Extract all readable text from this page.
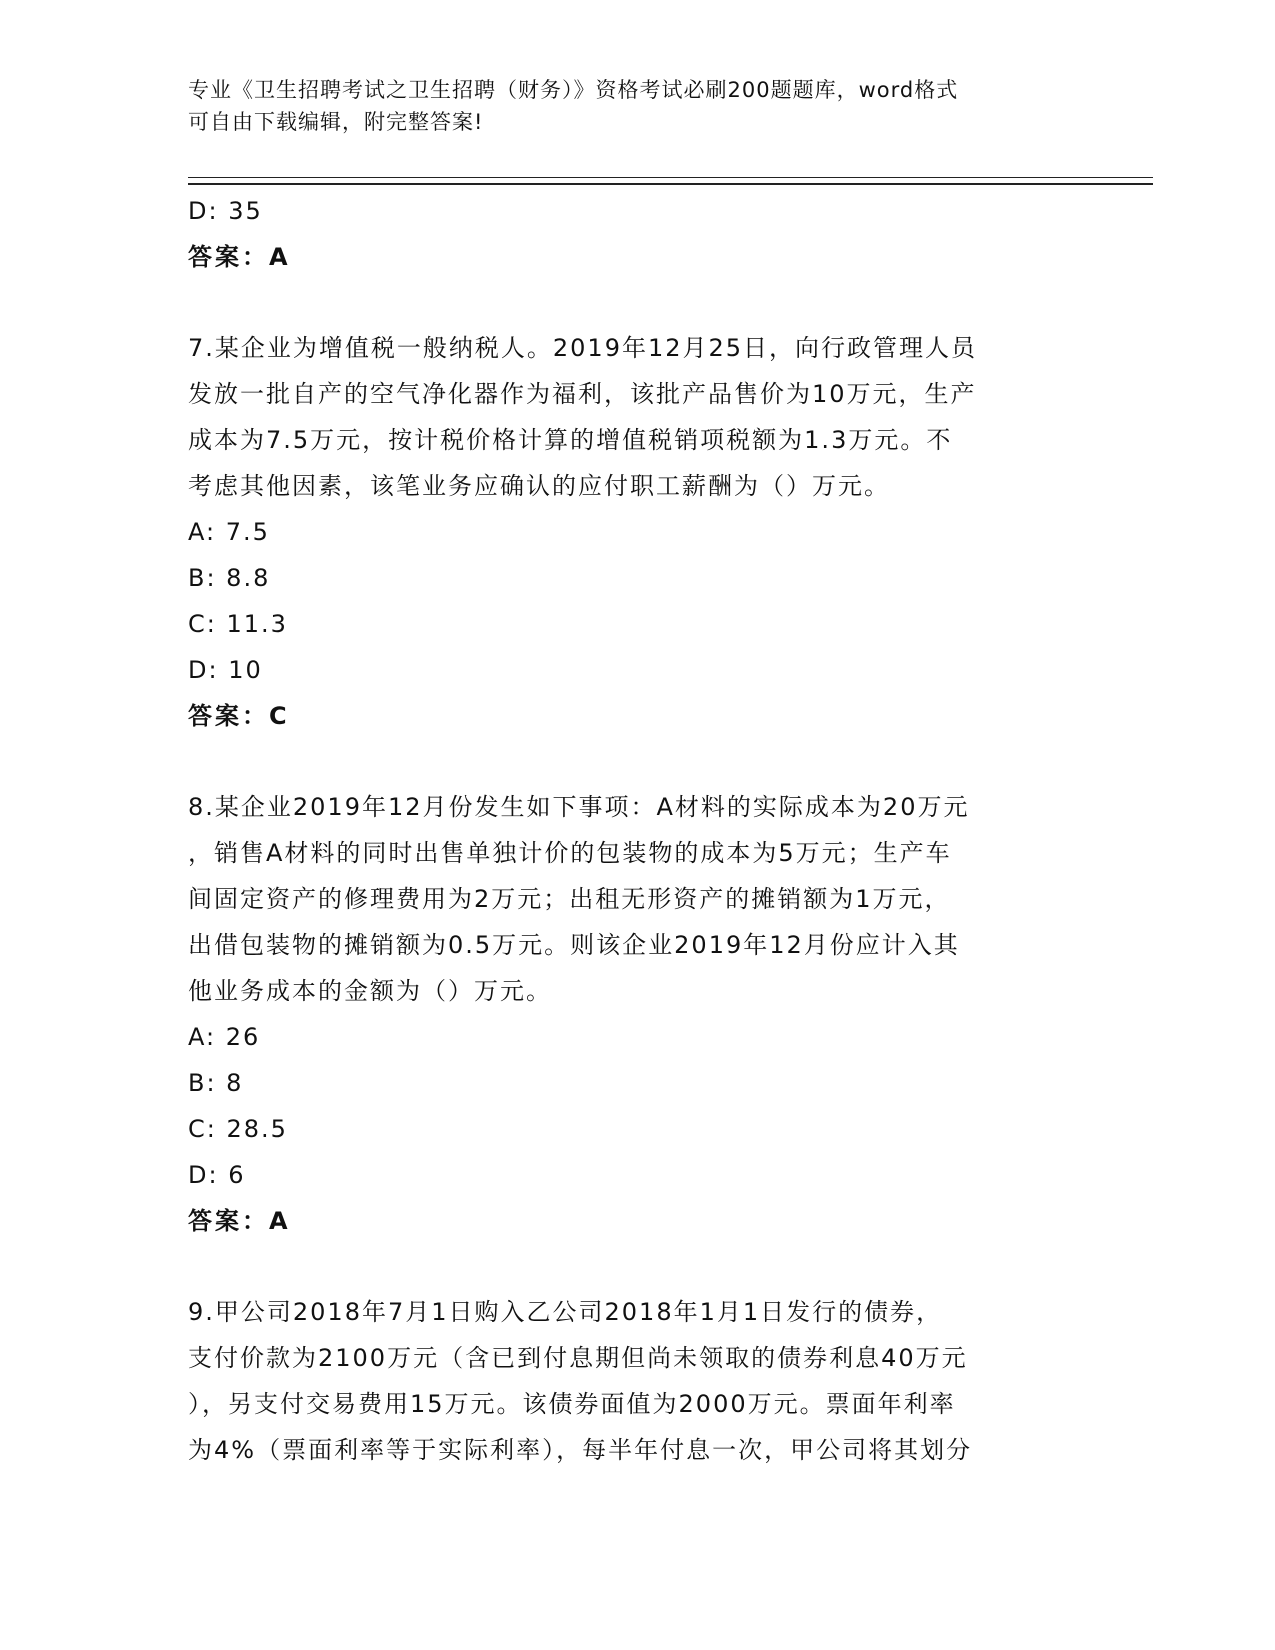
专业《卫生招聘考试之卫生招聘（财务）》资格考试必刷200题题库，word格式
可自由下载编辑，附完整答案!
D: 35
答案：A
7.某企业为增值税一般纳税人。2019年12月25日，向行政管理人员
发放一批自产的空气净化器作为福利，该批产品售价为10万元，生产
成本为7.5万元，按计税价格计算的增值税销项税额为1.3万元。不
考虑其他因素，该笔业务应确认的应付职工薪酬为（）万元。
A: 7.5
B: 8.8
C: 11.3
D: 10
答案：C
8.某企业2019年12月份发生如下事项：A材料的实际成本为20万元
，销售A材料的同时出售单独计价的包装物的成本为5万元；生产车
间固定资产的修理费用为2万元；出租无形资产的摊销额为1万元，
出借包装物的摊销额为0.5万元。则该企业2019年12月份应计入其
他业务成本的金额为（）万元。
A: 26
B: 8
C: 28.5
D: 6
答案：A
9.甲公司2018年7月1日购入乙公司2018年1月1日发行的债券，
支付价款为2100万元（含已到付息期但尚未领取的债券利息40万元
），另支付交易费用15万元。该债券面值为2000万元。票面年利率
为4%（票面利率等于实际利率），每半年付息一次，甲公司将其划分
